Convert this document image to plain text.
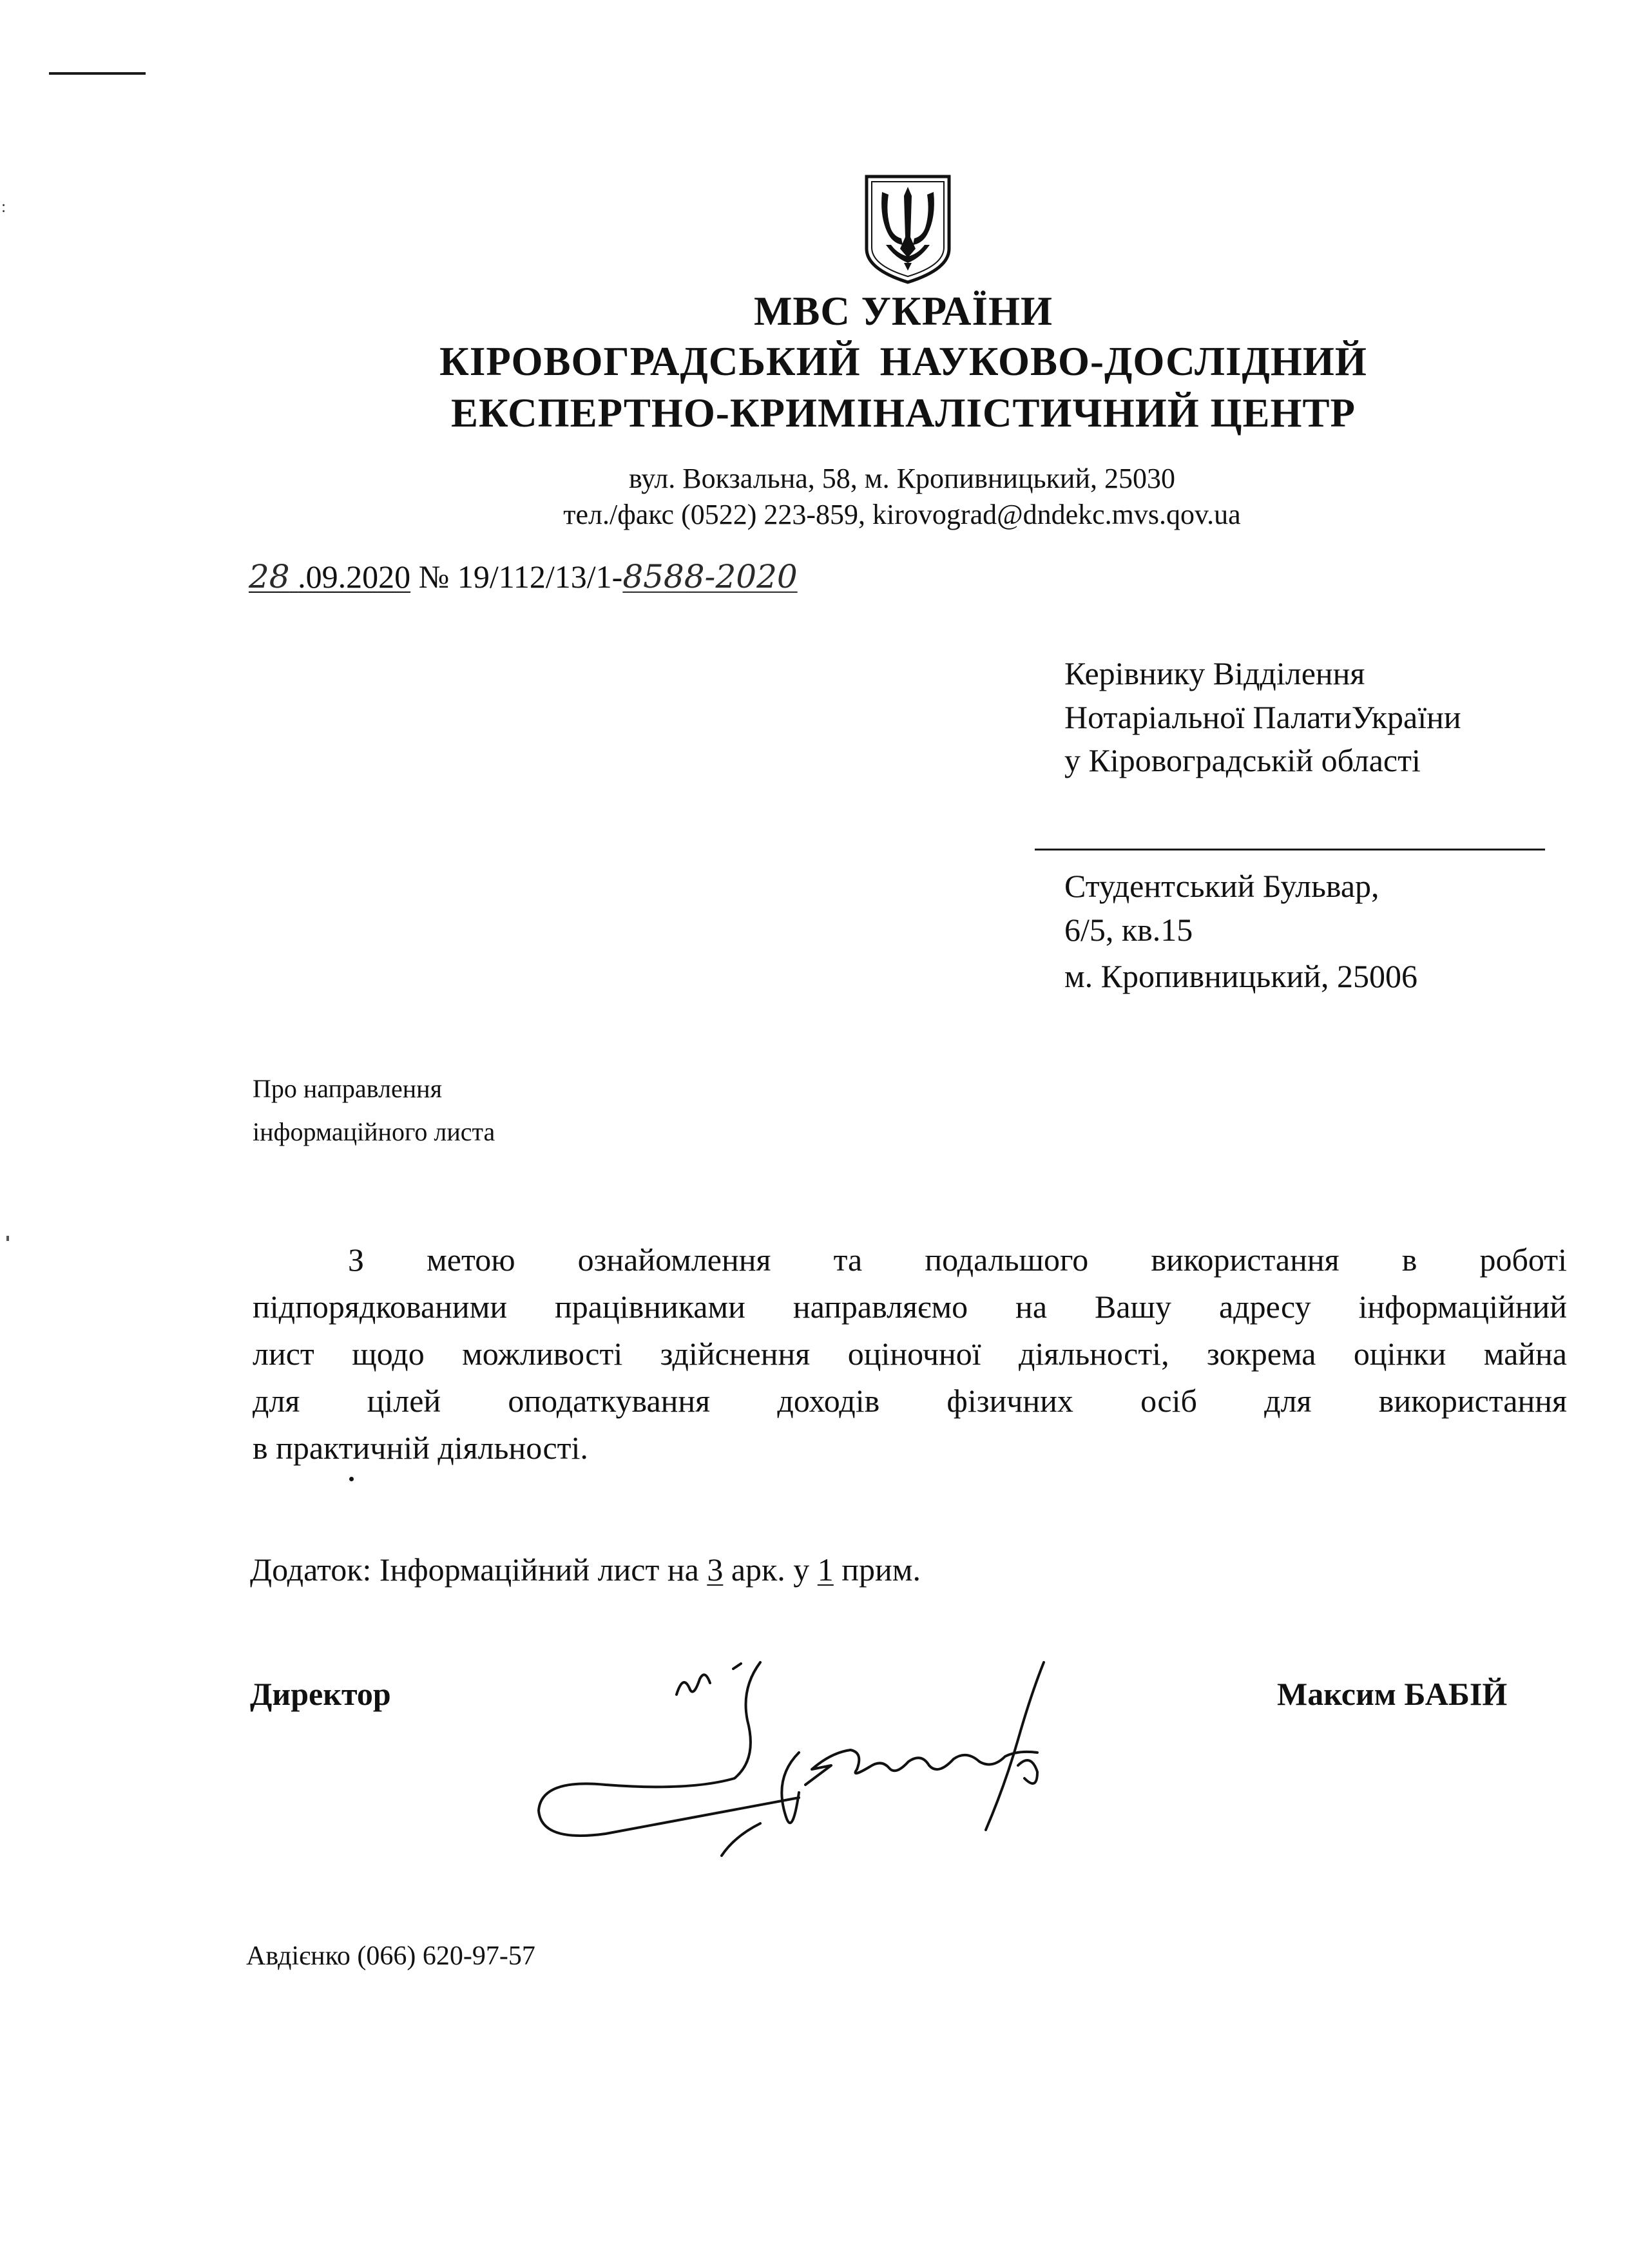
:
МВС УКРАЇНИ
КІРОВОГРАДСЬКИЙ НАУКОВО-ДОСЛІДНИЙ
ЕКСПЕРТНО-КРИМІНАЛІСТИЧНИЙ ЦЕНТР
вул. Вокзальна, 58, м. Кропивницький, 25030
тел./факс (0522) 223-859, kirovograd@dndekc.mvs.qov.ua
28 .09.2020 № 19/112/13/1-8588-2020
Керівнику Відділення
Нотаріальної ПалатиУкраїни
у Кіровоградській області
Студентський Бульвар,
6/5, кв.15
м. Кропивницький, 25006
Про направлення
інформаційного листа
З метою ознайомлення та подальшого використання в роботі
підпорядкованими працівниками направляємо на Вашу адресу інформаційний
лист щодо можливості здійснення оціночної діяльності, зокрема оцінки майна
для цілей оподаткування доходів фізичних осіб для використання
в практичній діяльності.
Додаток: Інформаційний лист на 3 арк. у 1 прим.
Директор	Максим БАБІЙ
Авдієнко (066) 620-97-57
